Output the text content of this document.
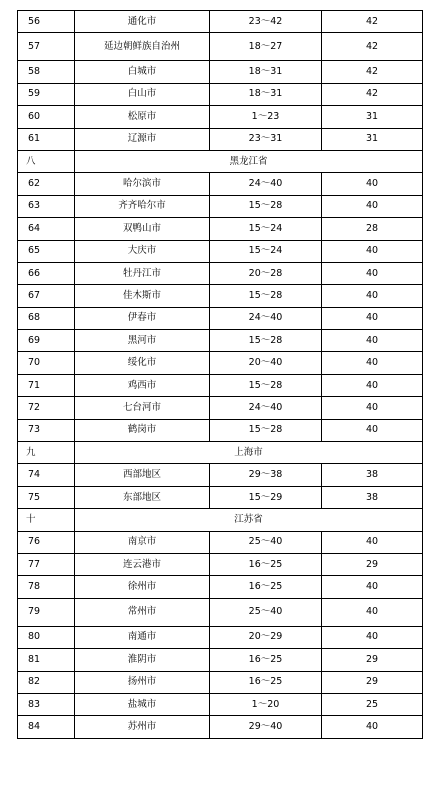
56	通化市	23～42	42
57	延边朝鲜族自治州	18～27	42
58	白城市	18～31	42
59	白山市	18～31	42
60	松原市	1～23	31
61	辽源市	23～31	31
八	黑龙江省		
62	哈尔滨市	24～40	40
63	齐齐哈尔市	15～28	40
64	双鸭山市	15～24	28
65	大庆市	15～24	40
66	牡丹江市	20～28	40
67	佳木斯市	15～28	40
68	伊春市	24～40	40
69	黑河市	15～28	40
70	绥化市	20～40	40
71	鸡西市	15～28	40
72	七台河市	24～40	40
73	鹤岗市	15～28	40
九	上海市		
74	西部地区	29～38	38
75	东部地区	15～29	38
十	江苏省		
76	南京市	25～40	40
77	连云港市	16～25	29
78	徐州市	16～25	40
79	常州市	25～40	40
80	南通市	20～29	40
81	淮阴市	16～25	29
82	扬州市	16～25	29
83	盐城市	1～20	25
84	苏州市	29～40	40
